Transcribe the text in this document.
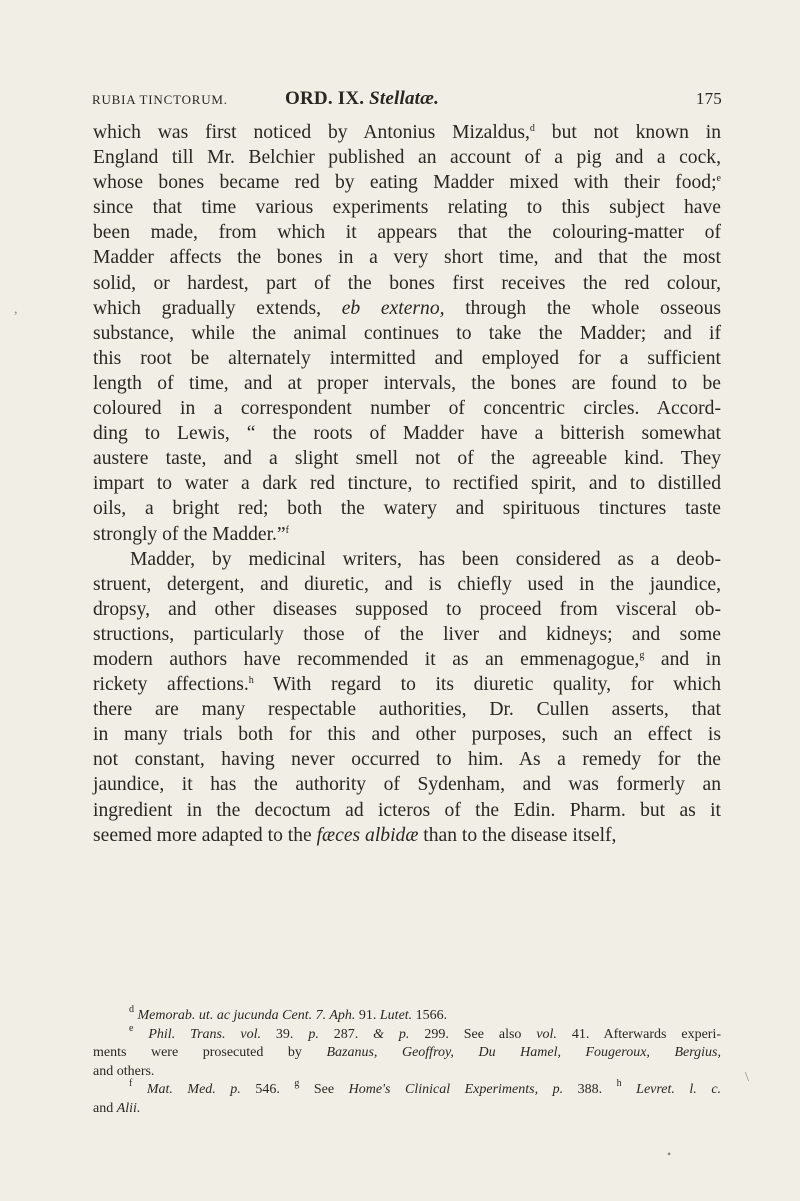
RUBIA TINCTORUM.	ORD. IX. Stellatæ.	175
which was first noticed by Antonius Mizaldus,$^d$ but not known in
England till Mr. Belchier published an account of a pig and a cock,
whose bones became red by eating Madder mixed with their food;$^e$
since that time various experiments relating to this subject have
been made, from which it appears that the colouring-matter of
Madder affects the bones in a very short time, and that the most
solid, or hardest, part of the bones first receives the red colour,
which gradually extends, eb externo, through the whole osseous
substance, while the animal continues to take the Madder; and if
this root be alternately intermitted and employed for a sufficient
length of time, and at proper intervals, the bones are found to be
coloured in a correspondent number of concentric circles. Accord-
ding to Lewis, “ the roots of Madder have a bitterish somewhat
austere taste, and a slight smell not of the agreeable kind. They
impart to water a dark red tincture, to rectified spirit, and to distilled
oils, a bright red; both the watery and spirituous tinctures taste
strongly of the Madder.”$^f$
Madder, by medicinal writers, has been considered as a deob-
struent, detergent, and diuretic, and is chiefly used in the jaundice,
dropsy, and other diseases supposed to proceed from visceral ob-
structions, particularly those of the liver and kidneys; and some
modern authors have recommended it as an emmenagogue,$^g$ and in
rickety affections.$^h$ With regard to its diuretic quality, for which
there are many respectable authorities, Dr. Cullen asserts, that
in many trials both for this and other purposes, such an effect is
not constant, having never occurred to him. As a remedy for the
jaundice, it has the authority of Sydenham, and was formerly an
ingredient in the decoctum ad icteros of the Edin. Pharm. but as it
seemed more adapted to the fæces albidæ than to the disease itself,
$^d$ Memorab. ut. ac jucunda Cent. 7. Aph. 91. Lutet. 1566.
$^e$ Phil. Trans. vol. 39. p. 287. & p. 299. See also vol. 41. Afterwards experi-
ments were prosecuted by Bazanus, Geoffroy, Du Hamel, Fougeroux, Bergius,
and others.
$^f$ Mat. Med. p. 546. $^g$ See Home's Clinical Experiments, p. 388. $^h$ Levret. l. c.
and Alii.
,
\
•
